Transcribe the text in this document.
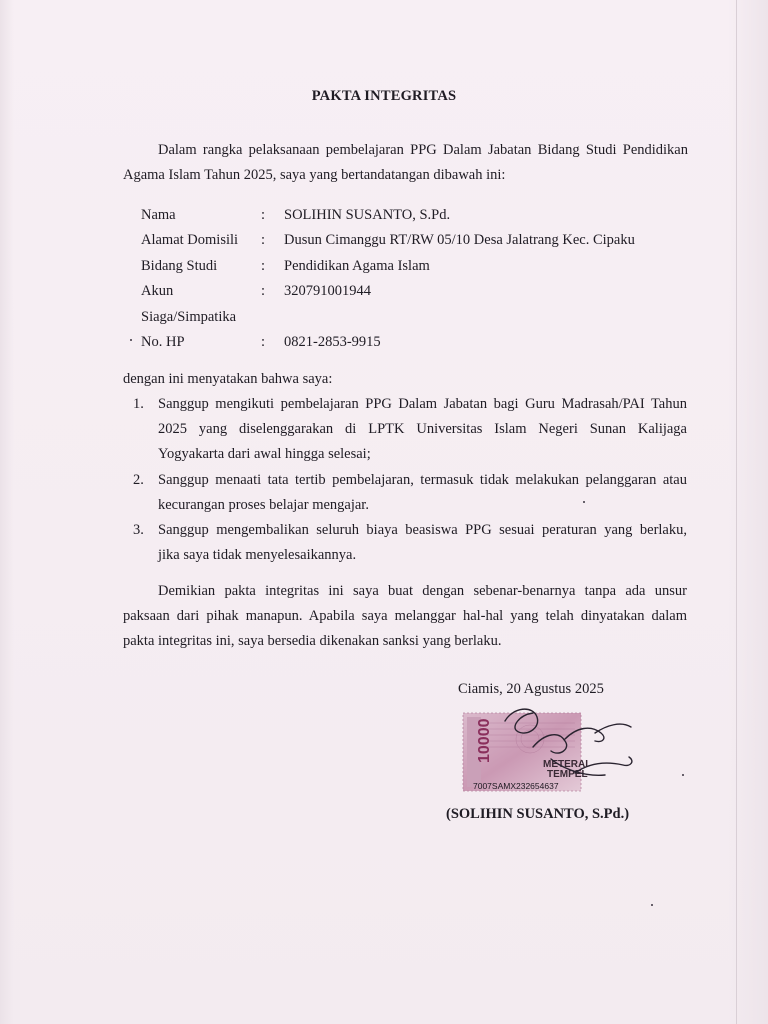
PAKTA INTEGRITAS
Dalam rangka pelaksanaan pembelajaran PPG Dalam Jabatan Bidang Studi Pendidikan
Agama Islam Tahun 2025, saya yang bertandatangan dibawah ini:
Nama	: SOLIHIN SUSANTO, S.Pd.
Alamat Domisili : Dusun Cimanggu RT/RW 05/10 Desa Jalatrang Kec. Cipaku
Bidang Studi	: Pendidikan Agama Islam
Akun	: 320791001944
Siaga/Simpatika
No. HP	: 0821-2853-9915
dengan ini menyatakan bahwa saya:
1. Sanggup mengikuti pembelajaran PPG Dalam Jabatan bagi Guru Madrasah/PAI Tahun
2025 yang diselenggarakan di LPTK Universitas Islam Negeri Sunan Kalijaga
Yogyakarta dari awal hingga selesai;
2. Sanggup menaati tata tertib pembelajaran, termasuk tidak melakukan pelanggaran atau
kecurangan proses belajar mengajar.
3. Sanggup mengembalikan seluruh biaya beasiswa PPG sesuai peraturan yang berlaku,
jika saya tidak menyelesaikannya.
Demikian pakta integritas ini saya buat dengan sebenar-benarnya tanpa ada unsur
paksaan dari pihak manapun. Apabila saya melanggar hal-hal yang telah dinyatakan dalam
pakta integritas ini, saya bersedia dikenakan sanksi yang berlaku.
Ciamis, 20 Agustus 2025
10000
METERAI
TEMPEL
7007SAMX232654637
(SOLIHIN SUSANTO, S.Pd.)
